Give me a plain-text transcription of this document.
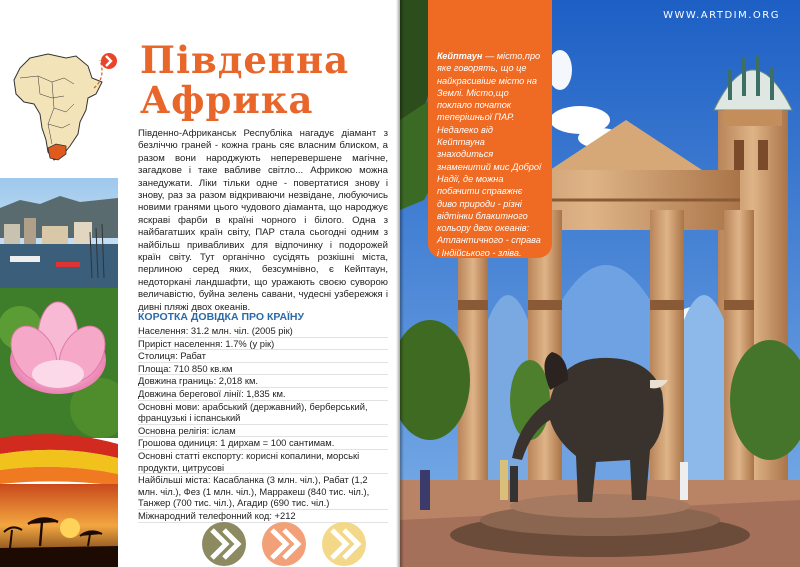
Південна
Африка
Південно-Африканськ Республіка нагадує діамант з безліччю граней - кожна грань сяє власним блиском, а разом вони народжують неперевершене магічне, загадкове і таке вабливе світло... Африкою можна занедужати. Ліки тільки одне - повертатися знову і знову, раз за разом відкриваючи незвідане, любуючись новими гранями цього чудового діаманта, що народжує яскраві фарби в країні чорного і білого. Одна з найбагатших країн світу, ПАР стала сьогодні одним з найбільш привабливих для відпочинку і подорожей країн світу. Тут органічно сусідять розкішні міста, перлиною серед яких, безсумнівно, є Кейптаун, недоторкані ландшафти, що уражають своєю суворою величавістю, буйна зелень савани, чудесні узбережжя і дивні пляжі двох океанів.
КОРОТКА ДОВІДКА ПРО КРАЇНУ
Населення: 31.2 млн. чіл. (2005 рік)
Приріст населення: 1.7% (у рік)
Столиця: Рабат
Площа: 710 850 кв.км
Довжина границь: 2,018 км.
Довжина берегової лінії: 1,835 км.
Основні мови: арабський (державний), берберський, французькі і іспанський
Основна релігія: іслам
Грошова одиниця: 1 дирхам = 100 сантимам.
Основні статті експорту: корисні копалини, морські продукти, цитрусові
Найбільші міста: Касабланка (3 млн. чіл.), Рабат (1,2 млн. чіл.), Фез (1 млн. чіл.), Марракеш (840 тис. чіл.), Танжер (700 тис. чіл.), Агадир (690 тис. чіл.)
Міжнародний телефонний код: +212
Кейптаун — місто,про яке говорять, що це найкрасивіше місто на Землі. Місто,що поклало початок теперішньої ПАР. Недалеко від Кейптауна знаходиться знаменитий мис Доброї Надії, де можна побачити справжнє диво природи - різні відтінки блакитного кольору двох океанів: Атлантичного - справа і Індійського - зліва.
WWW.ARTDIM.ORG
